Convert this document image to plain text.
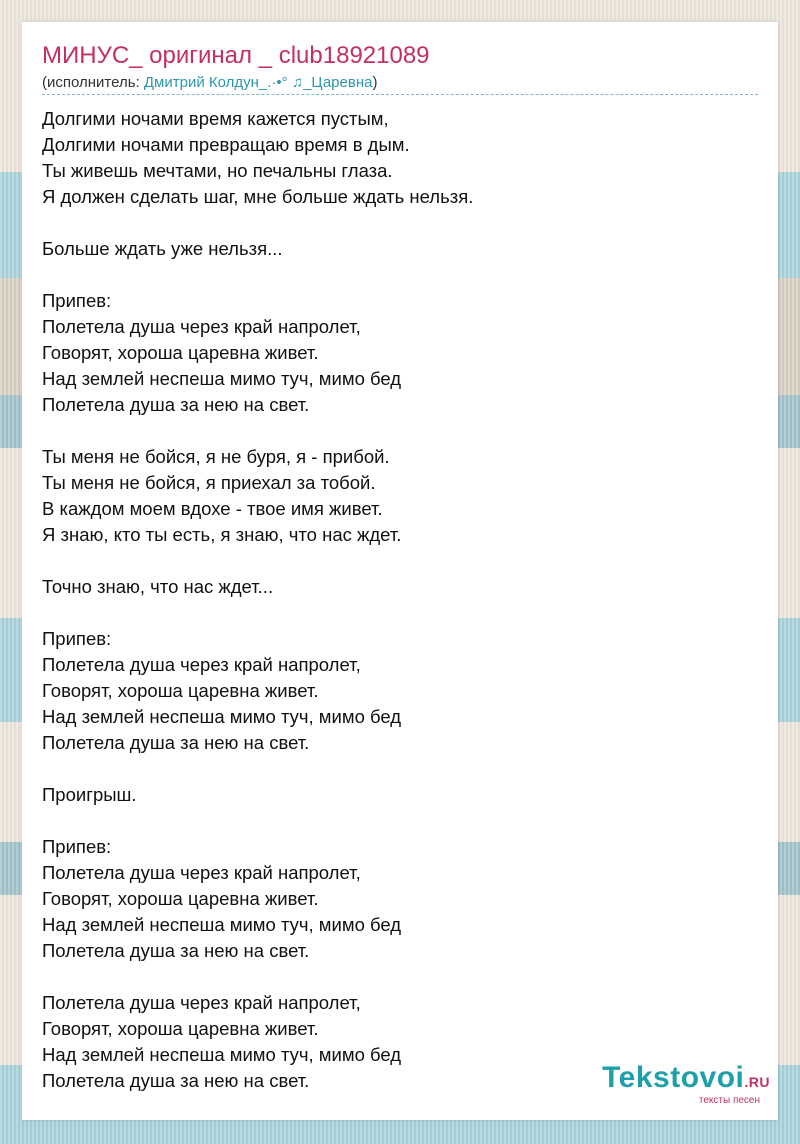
МИНУС_ оригинал _ club18921089
(исполнитель: Дмитрий Колдун_.·•° ♫_Царевна)
Долгими ночами время кажется пустым,
Долгими ночами превращаю время в дым.
Ты живешь мечтами, но печальны глаза.
Я должен сделать шаг, мне больше ждать нельзя.
Больше ждать уже нельзя...
Припев:
Полетела душа через край напролет,
Говорят, хороша царевна живет.
Над землей неспеша мимо туч, мимо бед
Полетела душа за нею на свет.
Ты меня не бойся, я не буря, я - прибой.
Ты меня не бойся, я приехал за тобой.
В каждом моем вдохе - твое имя живет.
Я знаю, кто ты есть, я знаю, что нас ждет.
Точно знаю, что нас ждет...
Припев:
Полетела душа через край напролет,
Говорят, хороша царевна живет.
Над землей неспеша мимо туч, мимо бед
Полетела душа за нею на свет.
Проигрыш.
Припев:
Полетела душа через край напролет,
Говорят, хороша царевна живет.
Над землей неспеша мимо туч, мимо бед
Полетела душа за нею на свет.
Полетела душа через край напролет,
Говорят, хороша царевна живет.
Над землей неспеша мимо туч, мимо бед
Полетела душа за нею на свет.	Tekstovoi.RU
тексты песен
